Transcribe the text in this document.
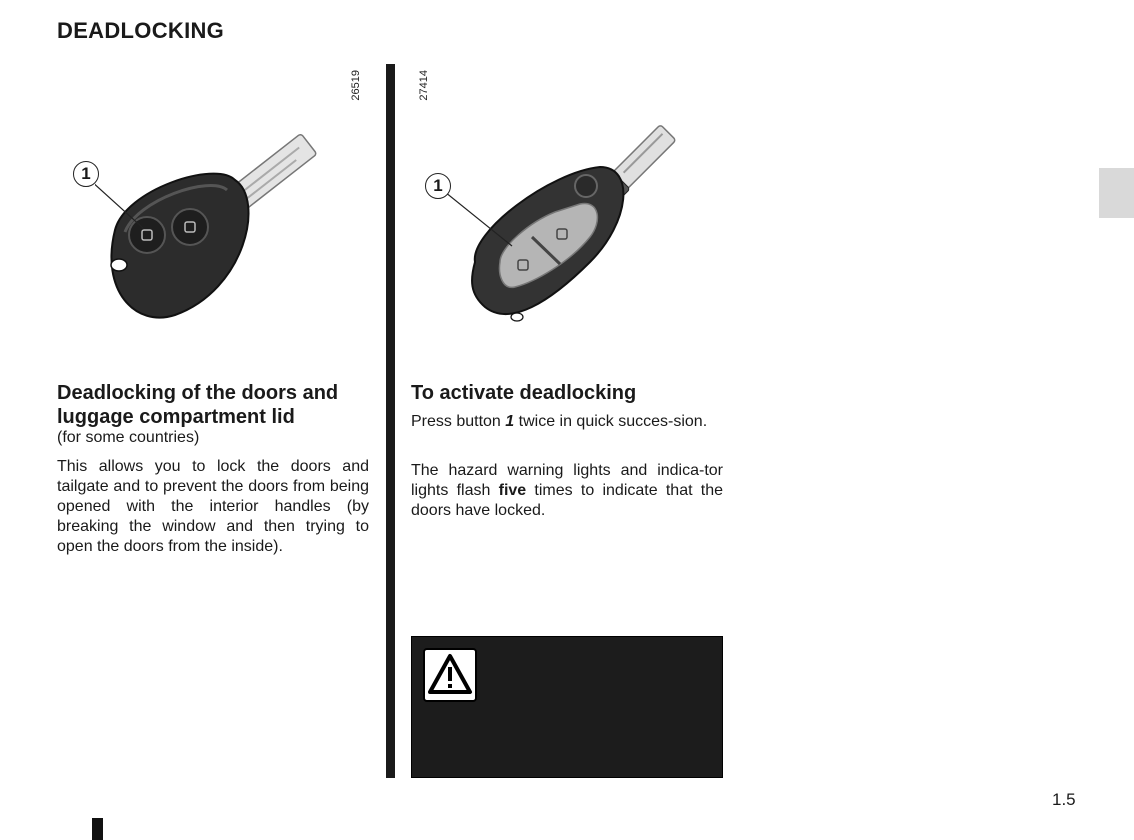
DEADLOCKING
26519
1
27414
1
Deadlocking of the doors and luggage compartment lid
(for some countries)

This allows you to lock the doors and tailgate and to prevent the doors from being opened with the interior handles (by breaking the window and then trying to open the doors from the inside).

To activate deadlocking

Press button 1 twice in quick succes-sion.

The hazard warning lights and indica-tor lights flash five times to indicate that the doors have locked.

1.5
